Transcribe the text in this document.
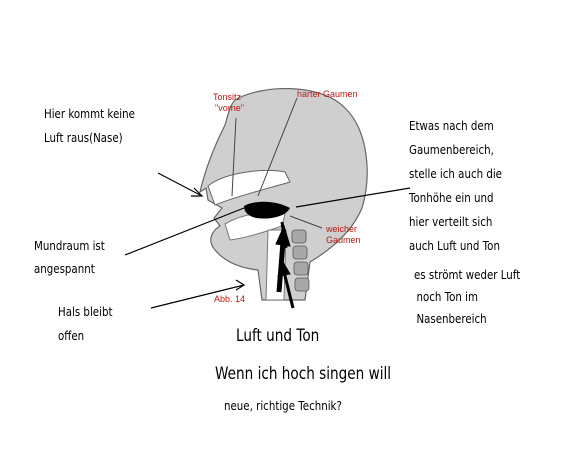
Tonsitz
"vorne"
harter Gaumen
weicher
Gaumen
Abb. 14
Hier kommt keine
Luft raus(Nase)
Mundraum ist
angespannt
Hals bleibt
offen
Etwas nach dem
Gaumenbereich,
stelle ich auch die
Tonhöhe ein und
hier verteilt sich
auch Luft und Ton
es strömt weder Luft
noch Ton im
Nasenbereich
Luft und Ton
Wenn ich hoch singen will
neue, richtige Technik?
